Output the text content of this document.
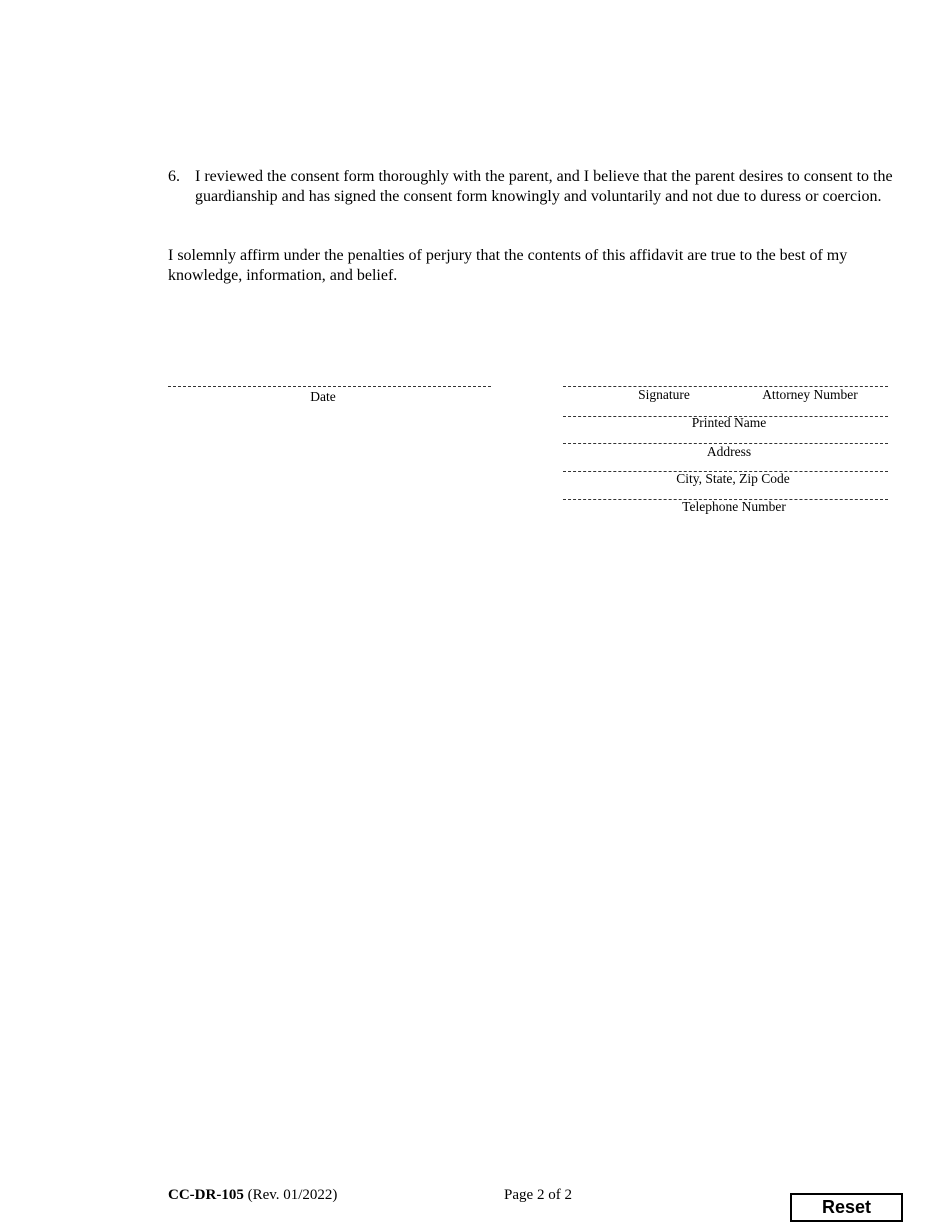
6. I reviewed the consent form thoroughly with the parent, and I believe that the parent desires to consent to the guardianship and has signed the consent form knowingly and voluntarily and not due to duress or coercion.
I solemnly affirm under the penalties of perjury that the contents of this affidavit are true to the best of my knowledge, information, and belief.
Date	Signature	Attorney Number
Printed Name
Address
City, State, Zip Code
Telephone Number
CC-DR-105 (Rev. 01/2022)	Page 2 of 2
Reset
